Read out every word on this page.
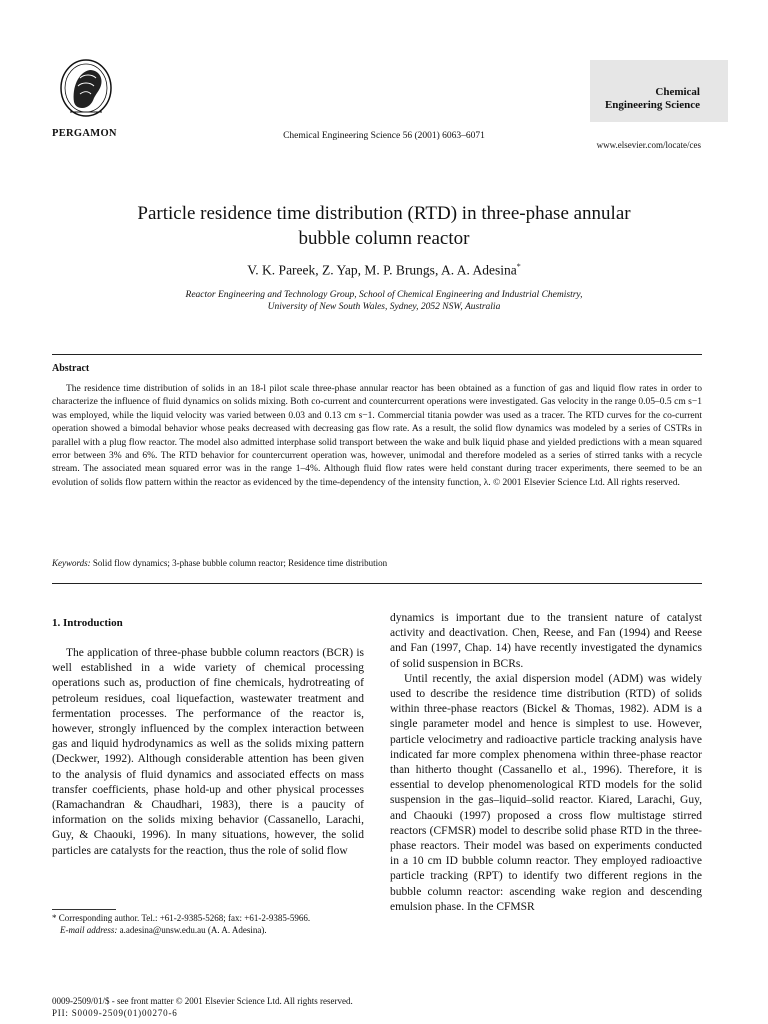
PERGAMON	Chemical Engineering Science 56 (2001) 6063–6071
Chemical
Engineering Science
www.elsevier.com/locate/ces
Particle residence time distribution (RTD) in three-phase annular
bubble column reactor
V. K. Pareek, Z. Yap, M. P. Brungs, A. A. Adesina*
Reactor Engineering and Technology Group, School of Chemical Engineering and Industrial Chemistry,
University of New South Wales, Sydney, 2052 NSW, Australia
Abstract
The residence time distribution of solids in an 18-l pilot scale three-phase annular reactor has been obtained as a function of gas and liquid flow rates in order to characterize the influence of fluid dynamics on solids mixing. Both co-current and countercurrent operations were investigated. Gas velocity in the range 0.05–0.5 cm s−1 was employed, while the liquid velocity was varied between 0.03 and 0.13 cm s−1. Commercial titania powder was used as a tracer. The RTD curves for the co-current operation showed a bimodal behavior whose peaks decreased with decreasing gas flow rate. As a result, the solid flow dynamics was modeled by a series of CSTRs in parallel with a plug flow reactor. The model also admitted interphase solid transport between the wake and bulk liquid phase and yielded predictions with a mean squared error between 3% and 6%. The RTD behavior for countercurrent operation was, however, unimodal and therefore modeled as a series of stirred tanks with a recycle stream. The associated mean squared error was in the range 1–4%. Although fluid flow rates were held constant during tracer experiments, there seemed to be an evolution of solids flow pattern within the reactor as evidenced by the time-dependency of the intensity function, λ. © 2001 Elsevier Science Ltd. All rights reserved.
Keywords: Solid flow dynamics; 3-phase bubble column reactor; Residence time distribution
1. Introduction

The application of three-phase bubble column reactors (BCR) is well established in a wide variety of chemical processing operations such as, production of fine chemicals, hydrotreating of petroleum residues, coal liquefaction, wastewater treatment and fermentation processes. The performance of the reactor is, however, strongly influenced by the complex interaction between gas and liquid hydrodynamics as well as the solids mixing pattern (Deckwer, 1992). Although considerable attention has been given to the analysis of fluid dynamics and associated effects on mass transfer coefficients, phase hold-up and other physical processes (Ramachandran & Chaudhari, 1983), there is a paucity of information on the solids mixing behavior (Cassanello, Larachi, Guy, & Chaouki, 1996). In many situations, however, the solid particles are catalysts for the reaction, thus the role of solid flow

dynamics is important due to the transient nature of catalyst activity and deactivation. Chen, Reese, and Fan (1994) and Reese and Fan (1997, Chap. 14) have recently investigated the dynamics of solid suspension in BCRs.

Until recently, the axial dispersion model (ADM) was widely used to describe the residence time distribution (RTD) of solids within three-phase reactors (Bickel & Thomas, 1982). ADM is a single parameter model and hence is simplest to use. However, particle velocimetry and radioactive particle tracking analysis have indicated far more complex phenomena within three-phase reactor than hitherto thought (Cassanello et al., 1996). Therefore, it is essential to develop phenomenological RTD models for the solid suspension in the gas–liquid–solid reactor. Kiared, Larachi, Guy, and Chaouki (1997) proposed a cross flow multistage stirred reactors (CFMSR) model to describe solid phase RTD in the three-phase reactors. Their model was based on experiments conducted in a 10 cm ID bubble column reactor. They employed radioactive particle tracking (RPT) to identify two different regions in the bubble column reactor: ascending wake region and descending emulsion phase. In the CFMSR

* Corresponding author. Tel.: +61-2-9385-5268; fax: +61-2-9385-5966.

E-mail address: a.adesina@unsw.edu.au (A. A. Adesina).

0009-2509/01/$ - see front matter © 2001 Elsevier Science Ltd. All rights reserved.
PII: S0009-2509(01)00270-6
